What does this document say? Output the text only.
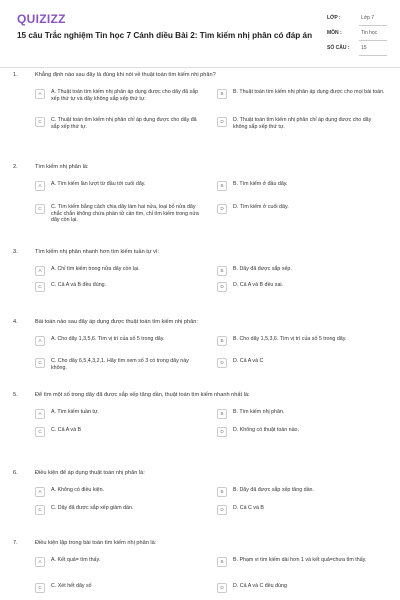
QUIZIZZ
15 câu Trắc nghiệm Tin học 7 Cánh diều Bài 2: Tìm kiếm nhị phân có đáp án
LỚP :	Lớp 7
MÔN :	Tin học
SỐ CÂU : 15
1.	Khẳng định nào sau đây là đúng khi nói về thuật toán tìm kiếm nhị phân?
A	A. Thuật toán tìm kiếm nhị phân áp dụng được cho dãy đã sắp xếp thứ tự và dãy không sắp xếp thứ tự.
B	B. Thuật toán tìm kiếm nhị phân áp dụng được cho mọi bài toán.
C	C. Thuật toán tìm kiếm nhị phân chỉ áp dụng được cho dãy đã sắp xếp thứ tự.
D	D. Thuật toán tìm kiếm nhị phân chỉ áp dụng được cho dãy không sắp xếp thứ tự.
2.	Tìm kiếm nhị phân là:
A	A. Tìm kiếm lần lượt từ đầu tới cuối dãy.	B	B. Tìm kiếm ở đầu dãy.
C	C. Tìm kiếm bằng cách chia dãy làm hai nửa, loại bỏ nửa dãy chắc chắn không chứa phần tử cần tìm, chỉ tìm kiếm trong nửa dãy còn lại.
D	D. Tìm kiếm ở cuối dãy.
3.	Tìm kiếm nhị phân nhanh hơn tìm kiếm tuần tự vì:
A	A. Chỉ tìm kiếm trong nửa dãy còn lại.	B	B. Dãy đã được sắp xếp.
C	C. Cả A và B đều đúng.	D	D. Cả A và B đều sai.
4.	Bài toán nào sau đây áp dụng được thuật toán tìm kiếm nhị phân:
A	A. Cho dãy 1,3,5,6. Tìm vị trí của số 5 trong dãy.	B	B. Cho dãy 1,5,3,6. Tìm vị trí của số 5 trong dãy.
C	C. Cho dãy 6,5,4,3,2,1. Hãy tìm xem số 3 có trong dãy này không.
D	D. Cả A và C
5.	Để tìm một số trong dãy đã được sắp xếp tăng dần, thuật toán tìm kiếm nhanh nhất là:
A	A. Tìm kiếm tuần tự.	B	B. Tìm kiếm nhị phân.
C	C. Cả A và B	D	D. Không có thuật toán nào.
6.	Điều kiện để áp dụng thuật toán nhị phân là:
A	A. Không có điều kiện.	B	B. Dãy đã được sắp xếp tăng dần.
C	C. Dãy đã được sắp xếp giảm dần.	D	D. Cả C và B
7.	Điều kiện lặp trong bài toán tìm kiếm nhị phân là:
A	A. Kết quả= tìm thấy.	B	B. Phạm vi tìm kiếm dài hơn 1 và kết quả=chưa tìm thấy.
C	C. Xét hết dãy số	D	D. Cả A và C đều đúng
